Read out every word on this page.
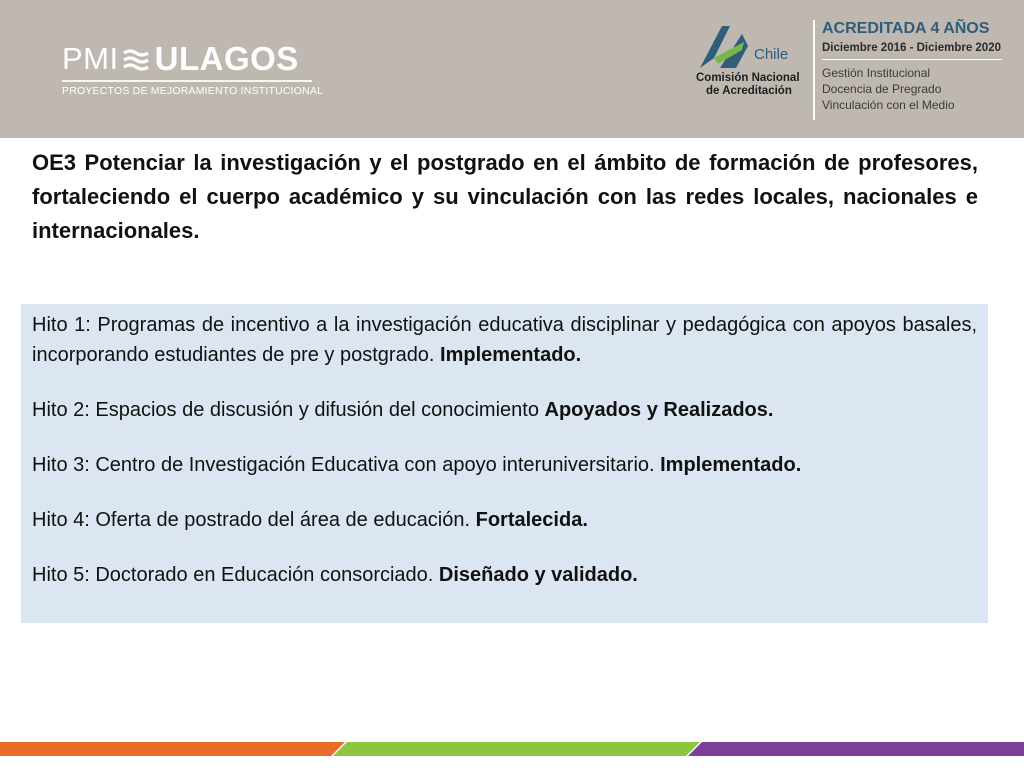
PMI ULAGOS
PROYECTOS DE MEJORAMIENTO INSTITUCIONAL
Chile
Comisión Nacional
de Acreditación
ACREDITADA 4 AÑOS
Diciembre 2016 - Diciembre 2020
Gestión Institucional
Docencia de Pregrado
Vinculación con el Medio

OE3 Potenciar la investigación y el postgrado en el ámbito de formación de profesores, fortaleciendo el cuerpo académico y su vinculación con las redes locales, nacionales e internacionales.

Hito 1: Programas de incentivo a la investigación educativa disciplinar y pedagógica con apoyos basales, incorporando estudiantes de pre y postgrado. Implementado.

Hito 2: Espacios de discusión y difusión del conocimiento Apoyados y Realizados.

Hito 3: Centro de Investigación Educativa con apoyo interuniversitario. Implementado.

Hito 4: Oferta de postrado del área de educación. Fortalecida.

Hito 5: Doctorado en Educación consorciado. Diseñado y validado.
